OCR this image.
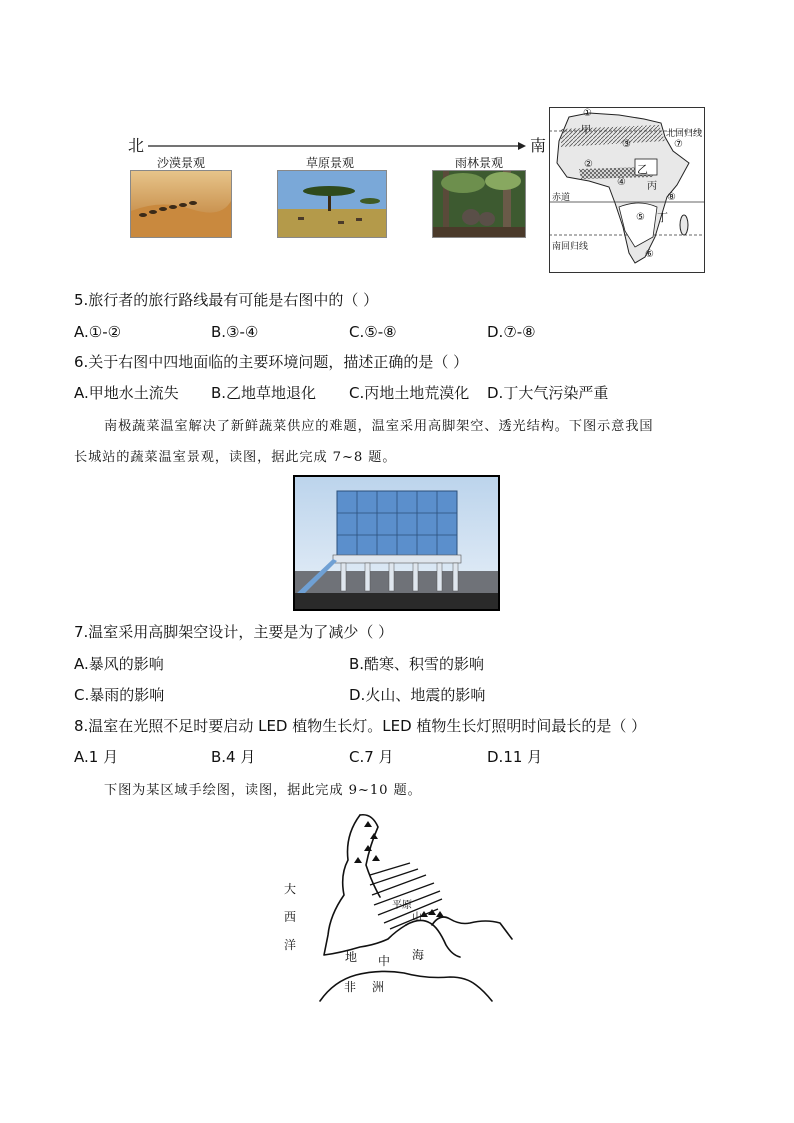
北	南
沙漠景观	草原景观	雨林景观
甲
乙
丙
丁
北回归线
赤道
南回归线
①
②
③
④
⑤
⑥
⑦
⑧
5.旅行者的旅行路线最有可能是右图中的（ ）
A.①-②	B.③-④	C.⑤-⑧	D.⑦-⑧
6.关于右图中四地面临的主要环境问题，描述正确的是（ ）
A.甲地水土流失 B.乙地草地退化 C.丙地土地荒漠化 D.丁大气污染严重
南极蔬菜温室解决了新鲜蔬菜供应的难题，温室采用高脚架空、透光结构。下图示意我国
长城站的蔬菜温室景观，读图，据此完成 7~8 题。
7.温室采用高脚架空设计，主要是为了减少（ ）
A.暴风的影响	B.酷寒、积雪的影响
C.暴雨的影响	D.火山、地震的影响
8.温室在光照不足时要启动 LED 植物生长灯。LED 植物生长灯照明时间最长的是（ ）
A.1 月	B.4 月	C.7 月	D.11 月
下图为某区域手绘图，读图，据此完成 9~10 题。
大
西
洋
地 中 海
非 洲
平原
山
